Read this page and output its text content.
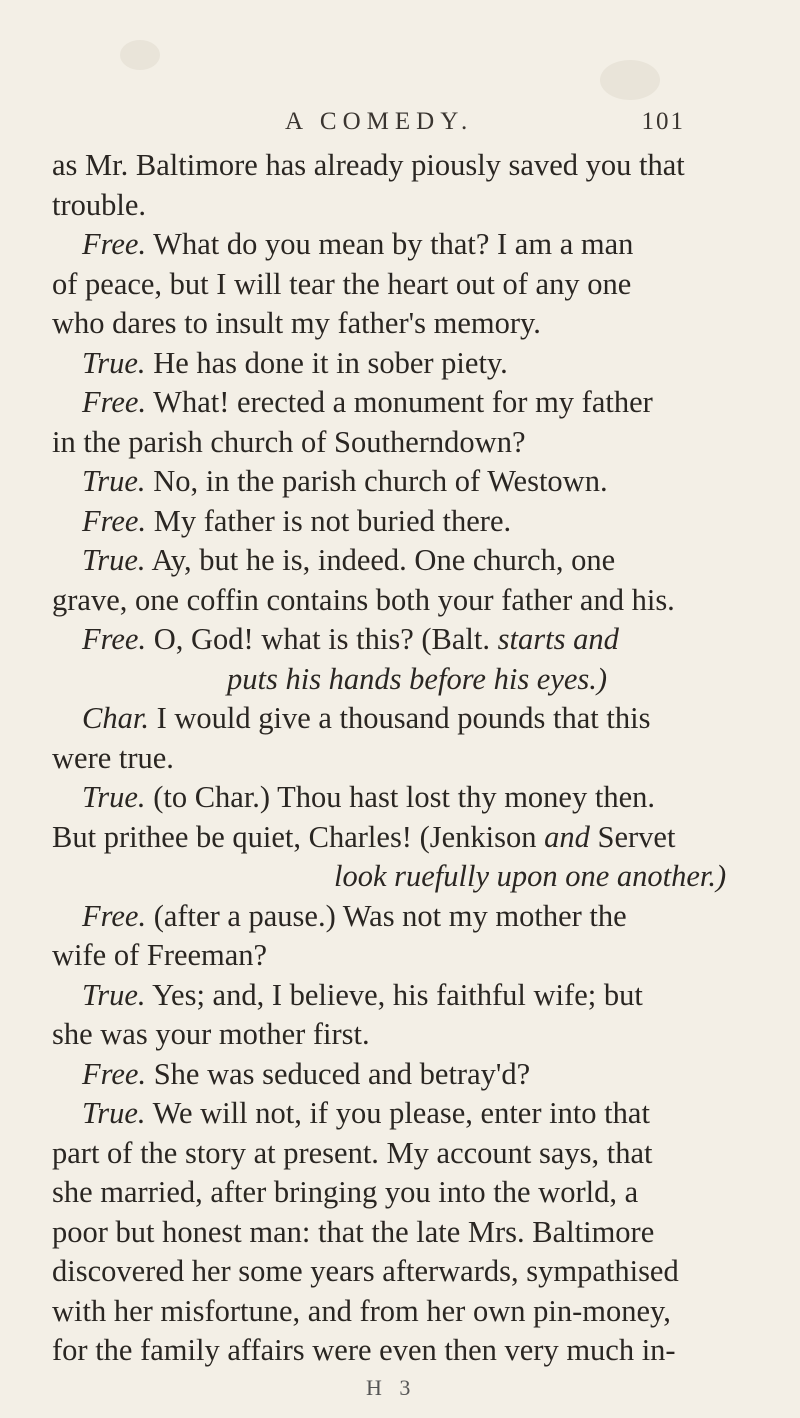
A COMEDY.	101
as Mr. Baltimore has already piously saved you that
trouble.
Free. What do you mean by that? I am a man
of peace, but I will tear the heart out of any one
who dares to insult my father's memory.
True. He has done it in sober piety.
Free. What! erected a monument for my father
in the parish church of Southerndown?
True. No, in the parish church of Westown.
Free. My father is not buried there.
True. Ay, but he is, indeed. One church, one
grave, one coffin contains both your father and his.
Free. O, God! what is this? (Balt. starts and
puts his hands before his eyes.)
Char. I would give a thousand pounds that this
were true.
True. (to Char.) Thou hast lost thy money then.
But prithee be quiet, Charles! (Jenkison and Servet
look ruefully upon one another.)
Free. (after a pause.) Was not my mother the
wife of Freeman?
True. Yes; and, I believe, his faithful wife; but
she was your mother first.
Free. She was seduced and betray'd?
True. We will not, if you please, enter into that
part of the story at present. My account says, that
she married, after bringing you into the world, a
poor but honest man: that the late Mrs. Baltimore
discovered her some years afterwards, sympathised
with her misfortune, and from her own pin-money,
for the family affairs were even then very much in-
H 3
